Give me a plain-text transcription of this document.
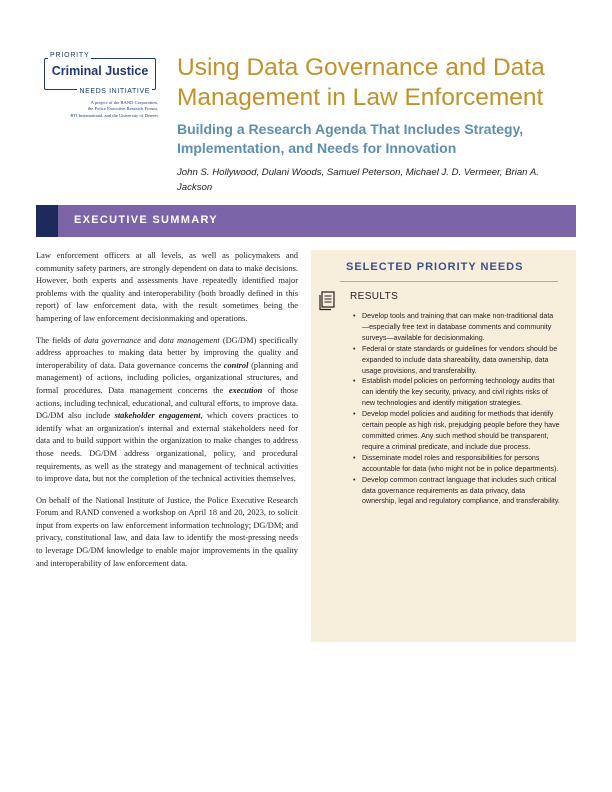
PRIORITY
Criminal Justice
NEEDS INITIATIVE
A project of the RAND Corporation,
the Police Executive Research Forum,
RTI International, and the University of Denver
Using Data Governance and Data Management in Law Enforcement
Building a Research Agenda That Includes Strategy, Implementation, and Needs for Innovation

John S. Hollywood, Dulani Woods, Samuel Peterson, Michael J. D. Vermeer, Brian A. Jackson

EXECUTIVE SUMMARY

Law enforcement officers at all levels, as well as policymakers and community safety partners, are strongly dependent on data to make decisions. However, both experts and assessments have repeatedly identified major problems with the quality and interoperability (both broadly defined in this report) of law enforcement data, with the result sometimes being the hampering of law enforcement decisionmaking and operations.

The fields of data governance and data management (DG/DM) specifically address approaches to making data better by improving the quality and interoperability of data. Data governance concerns the control (planning and management) of actions, including policies, organizational structures, and formal procedures. Data management concerns the execution of those actions, including technical, educational, and cultural efforts, to improve data. DG/DM also include stakeholder engagement, which covers practices to identify what an organization's internal and external stakeholders need for data and to build support within the organization to make changes to address those needs. DG/DM address organizational, policy, and procedural requirements, as well as the strategy and management of technical activities to improve data, but not the completion of the technical activities themselves.

On behalf of the National Institute of Justice, the Police Executive Research Forum and RAND convened a workshop on April 18 and 20, 2023, to solicit input from experts on law enforcement information technology; DG/DM; and privacy, constitutional law, and data law to identify the most-pressing needs to leverage DG/DM knowledge to enable major improvements in the quality and interoperability of law enforcement data.

SELECTED PRIORITY NEEDS
RESULTS
• Develop tools and training that can make non-traditional data—especially free text in database comments and community surveys—available for decisionmaking.
• Federal or state standards or guidelines for vendors should be expanded to include data shareability, data ownership, data usage provisions, and transferability.
• Establish model policies on performing technology audits that can identify the key security, privacy, and civil rights risks of new technologies and identify mitigation strategies.
• Develop model policies and auditing for methods that identify certain people as high risk, prejudging people before they have committed crimes. Any such method should be transparent, require a criminal predicate, and include due process.
• Disseminate model roles and responsibilities for persons accountable for data (who might not be in police departments).
• Develop common contract language that includes such critical data governance requirements as data privacy, data ownership, legal and regulatory compliance, and transferability.
